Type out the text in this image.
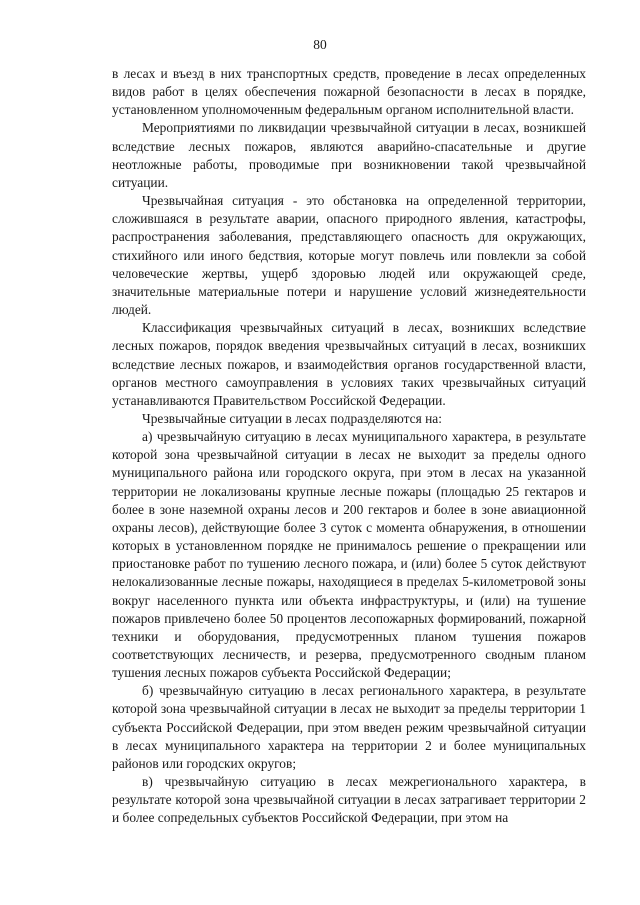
80

в лесах и въезд в них транспортных средств, проведение в лесах определенных видов работ в целях обеспечения пожарной безопасности в лесах в порядке, установленном уполномоченным федеральным органом исполнительной власти.

Мероприятиями по ликвидации чрезвычайной ситуации в лесах, возникшей вследствие лесных пожаров, являются аварийно-спасательные и другие неотложные работы, проводимые при возникновении такой чрезвычайной ситуации.

Чрезвычайная ситуация - это обстановка на определенной территории, сложившаяся в результате аварии, опасного природного явления, катастрофы, распространения заболевания, представляющего опасность для окружающих, стихийного или иного бедствия, которые могут повлечь или повлекли за собой человеческие жертвы, ущерб здоровью людей или окружающей среде, значительные материальные потери и нарушение условий жизнедеятельности людей.

Классификация чрезвычайных ситуаций в лесах, возникших вследствие лесных пожаров, порядок введения чрезвычайных ситуаций в лесах, возникших вследствие лесных пожаров, и взаимодействия органов государственной власти, органов местного самоуправления в условиях таких чрезвычайных ситуаций устанавливаются Правительством Российской Федерации.

Чрезвычайные ситуации в лесах подразделяются на:

а) чрезвычайную ситуацию в лесах муниципального характера, в результате которой зона чрезвычайной ситуации в лесах не выходит за пределы одного муниципального района или городского округа, при этом в лесах на указанной территории не локализованы крупные лесные пожары (площадью 25 гектаров и более в зоне наземной охраны лесов и 200 гектаров и более в зоне авиационной охраны лесов), действующие более 3 суток с момента обнаружения, в отношении которых в установленном порядке не принималось решение о прекращении или приостановке работ по тушению лесного пожара, и (или) более 5 суток действуют нелокализованные лесные пожары, находящиеся в пределах 5-километровой зоны вокруг населенного пункта или объекта инфраструктуры, и (или) на тушение пожаров привлечено более 50 процентов лесопожарных формирований, пожарной техники и оборудования, предусмотренных планом тушения пожаров соответствующих лесничеств, и резерва, предусмотренного сводным планом тушения лесных пожаров субъекта Российской Федерации;

б) чрезвычайную ситуацию в лесах регионального характера, в результате которой зона чрезвычайной ситуации в лесах не выходит за пределы территории 1 субъекта Российской Федерации, при этом введен режим чрезвычайной ситуации в лесах муниципального характера на территории 2 и более муниципальных районов или городских округов;

в) чрезвычайную ситуацию в лесах межрегионального характера, в результате которой зона чрезвычайной ситуации в лесах затрагивает территории 2 и более сопредельных субъектов Российской Федерации, при этом на
